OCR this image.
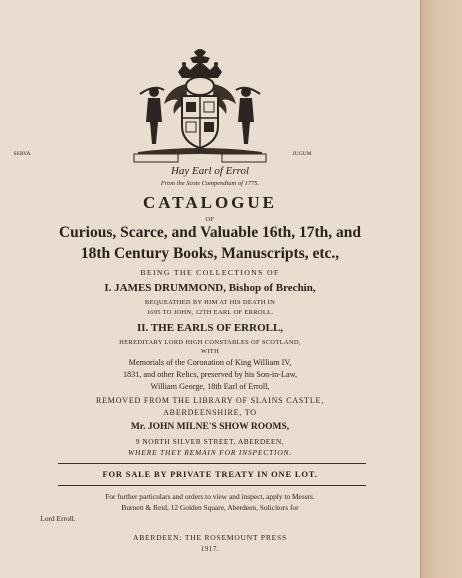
SERVA	JUGUM
Hay Earl of Errol
From the Scots Compendium of 1775.
CATALOGUE
OF
Curious, Scarce, and Valuable 16th, 17th, and
18th Century Books, Manuscripts, etc.,
BEING THE COLLECTIONS OF
I. JAMES DRUMMOND, Bishop of Brechin,
BEQUEATHED BY HIM AT HIS DEATH IN
1695 TO JOHN, 12TH EARL OF ERROLL.
II. THE EARLS OF ERROLL,
HEREDITARY LORD HIGH CONSTABLES OF SCOTLAND,
WITH
Memorials of the Coronation of King William IV,
1831, and other Relics, preserved by his Son-in-Law,
William George, 18th Earl of Erroll,
REMOVED FROM THE LIBRARY OF SLAINS CASTLE,
ABERDEENSHIRE, TO
Mr. JOHN MILNE'S SHOW ROOMS,
9 NORTH SILVER STREET, ABERDEEN,
WHERE THEY REMAIN FOR INSPECTION.
FOR SALE BY PRIVATE TREATY IN ONE LOT.
For further particulars and orders to view and inspect, apply to Messrs.
Burnett & Reid, 12 Golden Square, Aberdeen, Solicitors for
Lord Erroll.
ABERDEEN: THE ROSEMOUNT PRESS
1917.
